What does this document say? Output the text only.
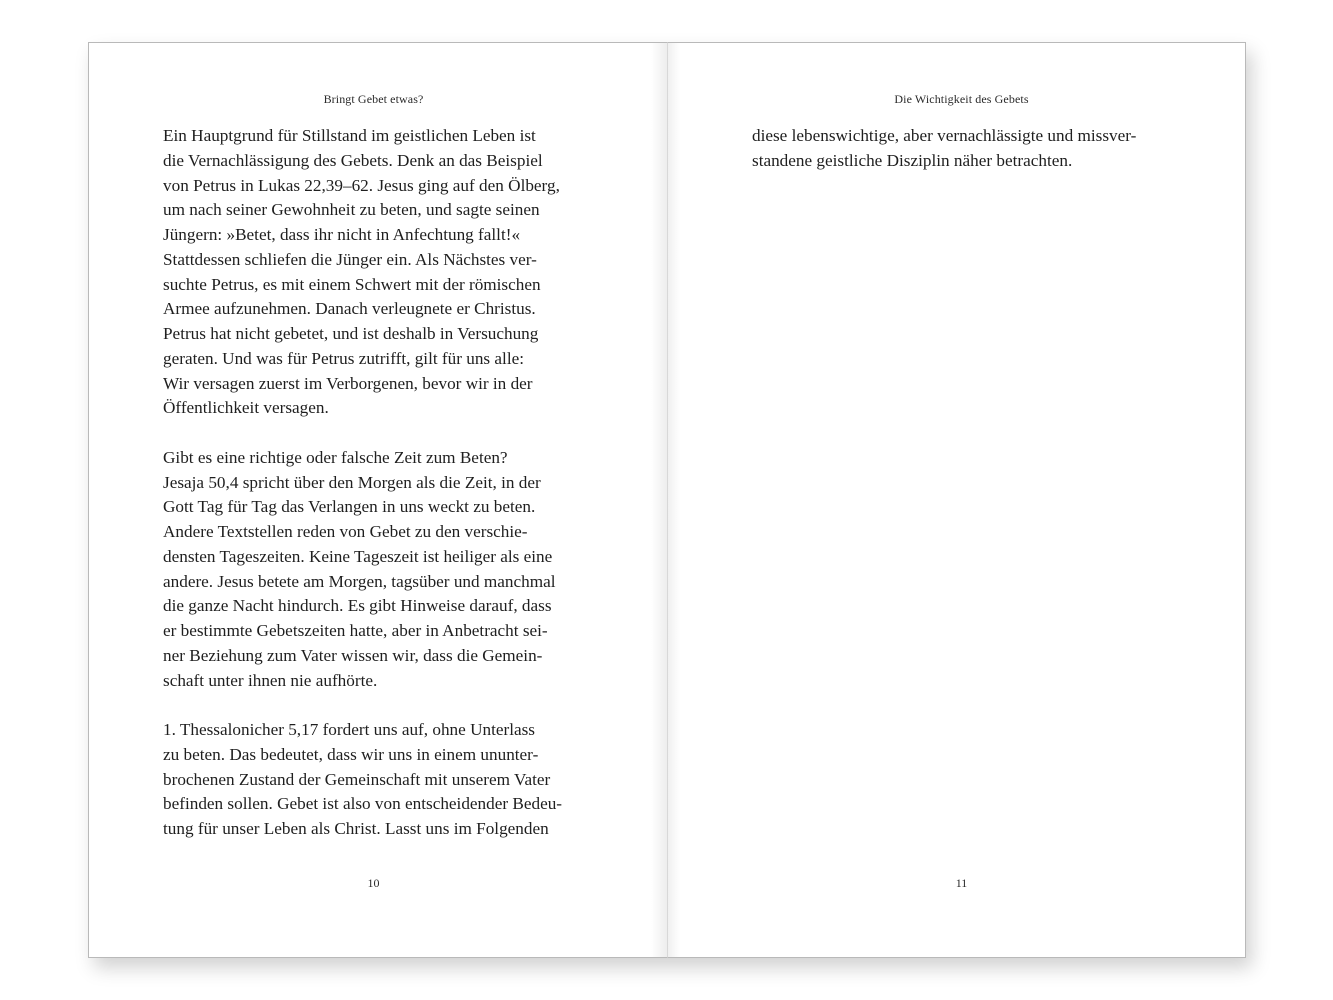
Bringt Gebet etwas?
Ein Hauptgrund für Stillstand im geistlichen Leben ist
die Vernachlässigung des Gebets. Denk an das Beispiel
von Petrus in Lukas 22,39–62. Jesus ging auf den Ölberg,
um nach seiner Gewohnheit zu beten, und sagte seinen
Jüngern: »Betet, dass ihr nicht in Anfechtung fallt!«
Stattdessen schliefen die Jünger ein. Als Nächstes ver-
suchte Petrus, es mit einem Schwert mit der römischen
Armee aufzunehmen. Danach verleugnete er Christus.
Petrus hat nicht gebetet, und ist deshalb in Versuchung
geraten. Und was für Petrus zutrifft, gilt für uns alle:
Wir versagen zuerst im Verborgenen, bevor wir in der
Öffentlichkeit versagen.
Gibt es eine richtige oder falsche Zeit zum Beten?
Jesaja 50,4 spricht über den Morgen als die Zeit, in der
Gott Tag für Tag das Verlangen in uns weckt zu beten.
Andere Textstellen reden von Gebet zu den verschie-
densten Tageszeiten. Keine Tageszeit ist heiliger als eine
andere. Jesus betete am Morgen, tagsüber und manchmal
die ganze Nacht hindurch. Es gibt Hinweise darauf, dass
er bestimmte Gebetszeiten hatte, aber in Anbetracht sei-
ner Beziehung zum Vater wissen wir, dass die Gemein-
schaft unter ihnen nie aufhörte.
1. Thessalonicher 5,17 fordert uns auf, ohne Unterlass
zu beten. Das bedeutet, dass wir uns in einem ununter-
brochenen Zustand der Gemeinschaft mit unserem Vater
befinden sollen. Gebet ist also von entscheidender Bedeu-
tung für unser Leben als Christ. Lasst uns im Folgenden
10
Die Wichtigkeit des Gebets
diese lebenswichtige, aber vernachlässigte und missver-
standene geistliche Disziplin näher betrachten.
11
